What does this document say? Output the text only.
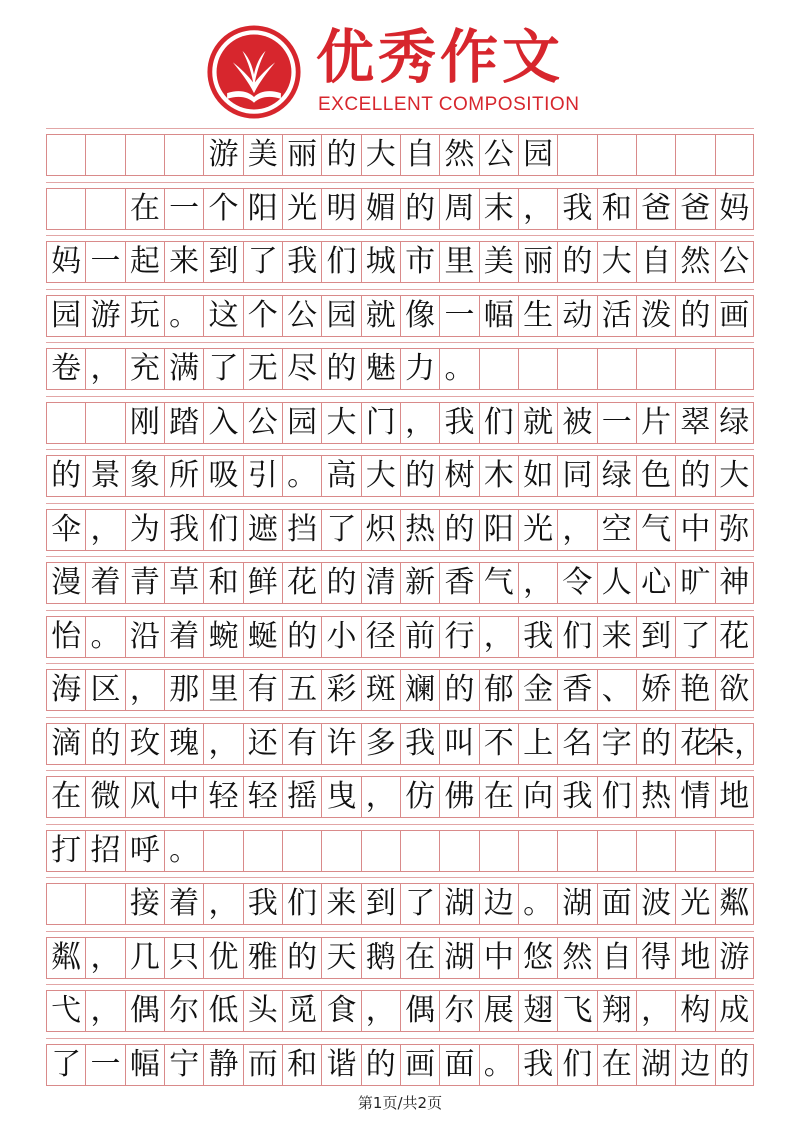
优秀作文
EXCELLENT COMPOSITION
游 美 丽 的 大 自 然 公 园
在 一 个 阳 光 明 媚 的 周 末 ， 我 和 爸 爸 妈
妈 一 起 来 到 了 我 们 城 市 里 美 丽 的 大 自 然 公
园 游 玩 。 这 个 公 园 就 像 一 幅 生 动 活 泼 的 画
卷 ， 充 满 了 无 尽 的 魅 力 。
刚 踏 入 公 园 大 门 ， 我 们 就 被 一 片 翠 绿
的 景 象 所 吸 引 。 高 大 的 树 木 如 同 绿 色 的 大
伞 ， 为 我 们 遮 挡 了 炽 热 的 阳 光 ， 空 气 中 弥
漫 着 青 草 和 鲜 花 的 清 新 香 气 ， 令 人 心 旷 神
怡 。 沿 着 蜿 蜒 的 小 径 前 行 ， 我 们 来 到 了 花
海 区 ， 那 里 有 五 彩 斑 斓 的 郁 金 香 、 娇 艳 欲
滴 的 玫 瑰 ， 还 有 许 多 我 叫 不 上 名 字 的 花
朵，
在 微 风 中 轻 轻 摇 曳 ， 仿 佛 在 向 我 们 热 情 地
打 招 呼 。
接 着 ， 我 们 来 到 了 湖 边 。 湖 面 波 光 粼
粼 ， 几 只 优 雅 的 天 鹅 在 湖 中 悠 然 自 得 地 游
弋 ， 偶 尔 低 头 觅 食 ， 偶 尔 展 翅 飞 翔 ， 构 成
了 一 幅 宁 静 而 和 谐 的 画 面 。 我 们 在 湖 边 的
第1页/共2页
